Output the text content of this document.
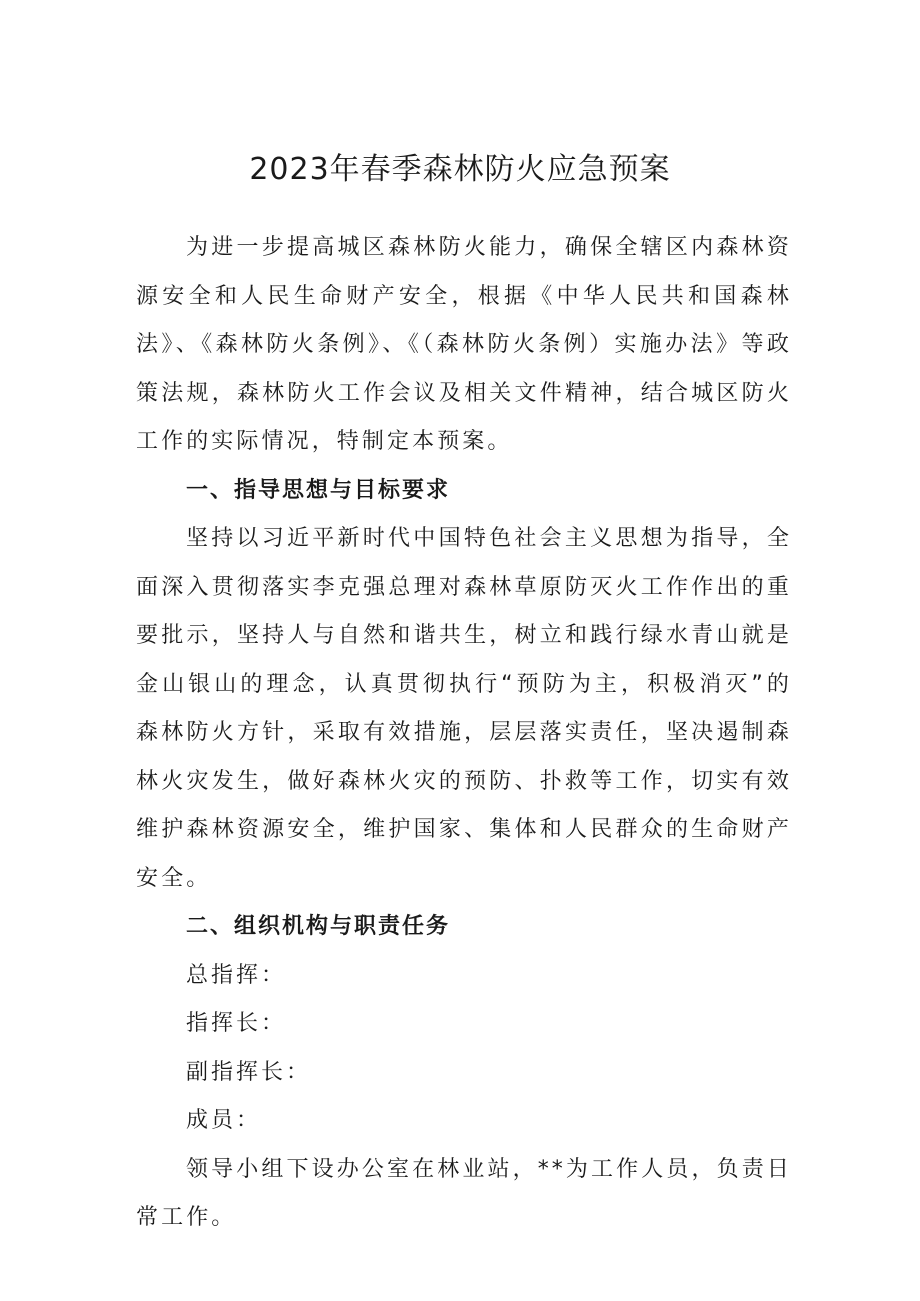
2023年春季森林防火应急预案

为进一步提高城区森林防火能力，确保全辖区内森林资源安全和人民生命财产安全，根据《中华人民共和国森林法》、《森林防火条例》、《（森林防火条例）实施办法》等政策法规，森林防火工作会议及相关文件精神，结合城区防火工作的实际情况，特制定本预案。

一、指导思想与目标要求

坚持以习近平新时代中国特色社会主义思想为指导，全面深入贯彻落实李克强总理对森林草原防灭火工作作出的重要批示，坚持人与自然和谐共生，树立和践行绿水青山就是金山银山的理念，认真贯彻执行“预防为主，积极消灭”的森林防火方针，采取有效措施，层层落实责任，坚决遏制森林火灾发生，做好森林火灾的预防、扑救等工作，切实有效维护森林资源安全，维护国家、集体和人民群众的生命财产安全。

二、组织机构与职责任务

总指挥：

指挥长：

副指挥长：

成员：

领导小组下设办公室在林业站，**为工作人员，负责日常工作。
